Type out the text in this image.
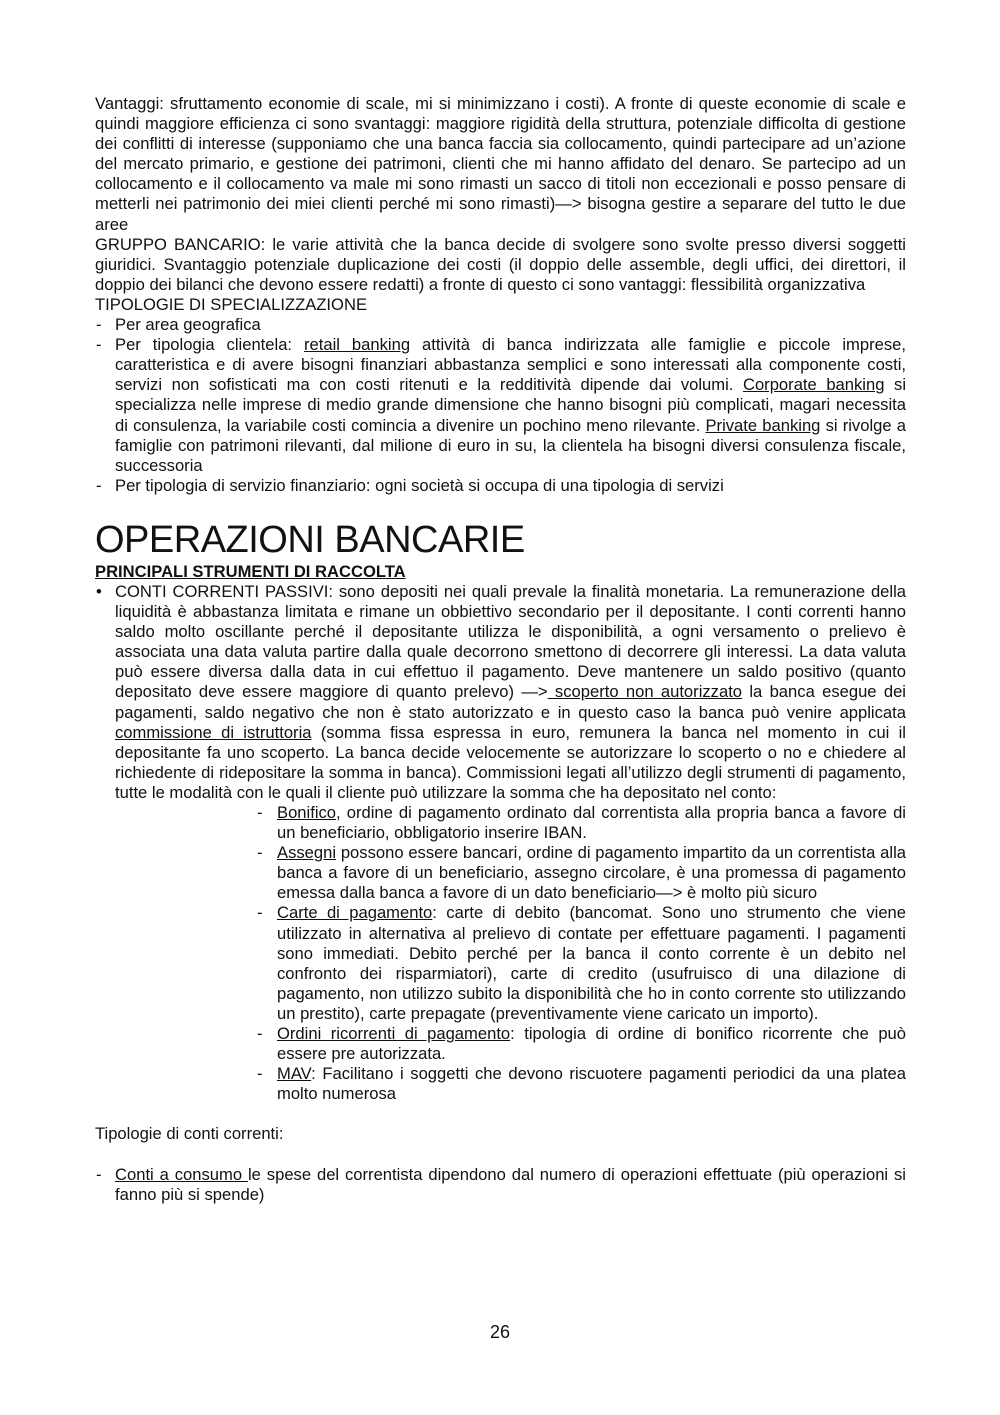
Vantaggi: sfruttamento economie di scale, mi si minimizzano i costi). A fronte di queste economie di scale e quindi maggiore efficienza ci sono svantaggi: maggiore rigidità della struttura, potenziale difficolta di gestione dei conflitti di interesse (supponiamo che una banca faccia sia collocamento, quindi partecipare ad un’azione del mercato primario, e gestione dei patrimoni, clienti che mi hanno affidato del denaro. Se partecipo ad un collocamento e il collocamento va male mi sono rimasti un sacco di titoli non eccezionali e posso pensare di metterli nei patrimonio dei miei clienti perché mi sono rimasti)—> bisogna gestire a separare del tutto le due aree

GRUPPO BANCARIO: le varie attività che la banca decide di svolgere sono svolte presso diversi soggetti giuridici. Svantaggio potenziale duplicazione dei costi (il doppio delle assemble, degli uffici, dei direttori, il doppio dei bilanci che devono essere redatti) a fronte di questo ci sono vantaggi: flessibilità organizzativa

TIPOLOGIE DI SPECIALIZZAZIONE

- Per area geografica
- Per tipologia clientela: retail banking attività di banca indirizzata alle famiglie e piccole imprese, caratteristica e di avere bisogni finanziari abbastanza semplici e sono interessati alla componente costi, servizi non sofisticati ma con costi ritenuti e la redditività dipende dai volumi. Corporate banking si specializza nelle imprese di medio grande dimensione che hanno bisogni più complicati, magari necessita di consulenza, la variabile costi comincia a divenire un pochino meno rilevante. Private banking si rivolge a famiglie con patrimoni rilevanti, dal milione di euro in su, la clientela ha bisogni diversi consulenza fiscale, successoria
- Per tipologia di servizio finanziario: ogni società si occupa di una tipologia di servizi
OPERAZIONI BANCARIE

PRINCIPALI STRUMENTI DI RACCOLTA

• CONTI CORRENTI PASSIVI: sono depositi nei quali prevale la finalità monetaria. La remunerazione della liquidità è abbastanza limitata e rimane un obbiettivo secondario per il depositante. I conti correnti hanno saldo molto oscillante perché il depositante utilizza le disponibilità, a ogni versamento o prelievo è associata una data valuta partire dalla quale decorrono smettono di decorrere gli interessi. La data valuta può essere diversa dalla data in cui effettuo il pagamento. Deve mantenere un saldo positivo (quanto depositato deve essere maggiore di quanto prelevo) —> scoperto non autorizzato la banca esegue dei pagamenti, saldo negativo che non è stato autorizzato e in questo caso la banca può venire applicata commissione di istruttoria (somma fissa espressa in euro, remunera la banca nel momento in cui il depositante fa uno scoperto. La banca decide velocemente se autorizzare lo scoperto o no e chiedere al richiedente di ridepositare la somma in banca). Commissioni legati all’utilizzo degli strumenti di pagamento, tutte le modalità con le quali il cliente può utilizzare la somma che ha depositato nel conto:
- Bonifico, ordine di pagamento ordinato dal correntista alla propria banca a favore di un beneficiario, obbligatorio inserire IBAN.
- Assegni possono essere bancari, ordine di pagamento impartito da un correntista alla banca a favore di un beneficiario, assegno circolare, è una promessa di pagamento emessa dalla banca a favore di un dato beneficiario—> è molto più sicuro
- Carte di pagamento: carte di debito (bancomat. Sono uno strumento che viene utilizzato in alternativa al prelievo di contate per effettuare pagamenti. I pagamenti sono immediati. Debito perché per la banca il conto corrente è un debito nel confronto dei risparmiatori), carte di credito (usufruisco di una dilazione di pagamento, non utilizzo subito la disponibilità che ho in conto corrente sto utilizzando un prestito), carte prepagate (preventivamente viene caricato un importo).
- Ordini ricorrenti di pagamento: tipologia di ordine di bonifico ricorrente che può essere pre autorizzata.
- MAV: Facilitano i soggetti che devono riscuotere pagamenti periodici da una platea molto numerosa

Tipologie di conti correnti:

- Conti a consumo le spese del correntista dipendono dal numero di operazioni effettuate (più operazioni si fanno più si spende)
26
